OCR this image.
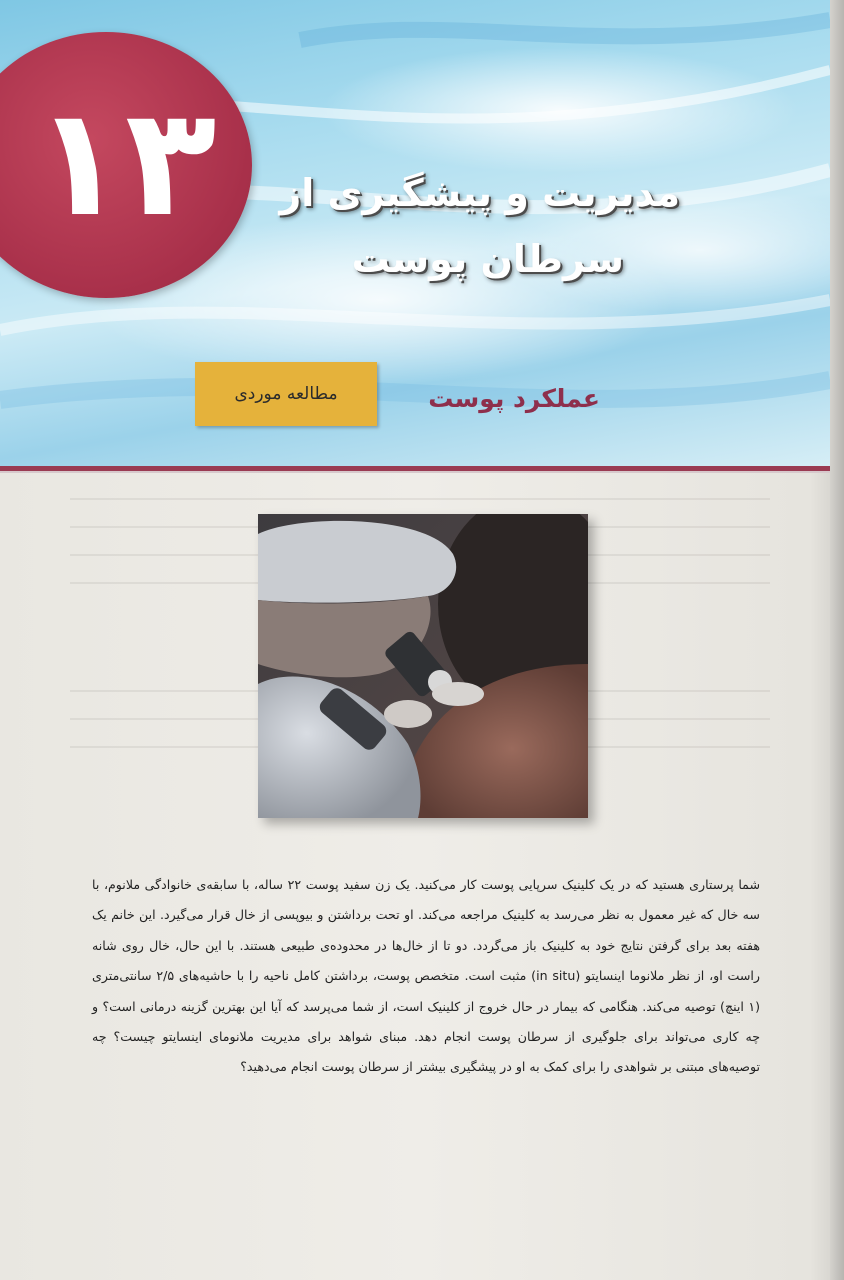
۱۳	مدیریت و پیشگیری از
سرطان پوست
عملکرد پوست
مطالعه موردی
شما پرستاری هستید که در یک کلینیک سرپایی پوست کار می‌کنید. یک زن سفید پوست ۲۲ ساله، با سابقه‌ی خانوادگی ملانوم، با سه خال که غیر معمول به نظر می‌رسد به کلینیک مراجعه می‌کند. او تحت برداشتن و بیوپسی از خال قرار می‌گیرد. این خانم یک هفته بعد برای گرفتن نتایج خود به کلینیک باز می‌گردد. دو تا از خال‌ها در محدوده‌ی طبیعی هستند. با این حال، خال روی شانه راست او، از نظر ملانوما اینسایتو (in situ) مثبت است. متخصص پوست، برداشتن کامل ناحیه را با حاشیه‌های ۲/۵ سانتی‌متری (۱ اینچ) توصیه می‌کند. هنگامی که بیمار در حال خروج از کلینیک است، از شما می‌پرسد که آیا این بهترین گزینه درمانی است؟ و چه کاری می‌تواند برای جلوگیری از سرطان پوست انجام دهد. مبنای شواهد برای مدیریت ملانومای اینسایتو چیست؟ چه توصیه‌های مبتنی بر شواهدی را برای کمک به او در پیشگیری بیشتر از سرطان پوست انجام می‌دهید؟
